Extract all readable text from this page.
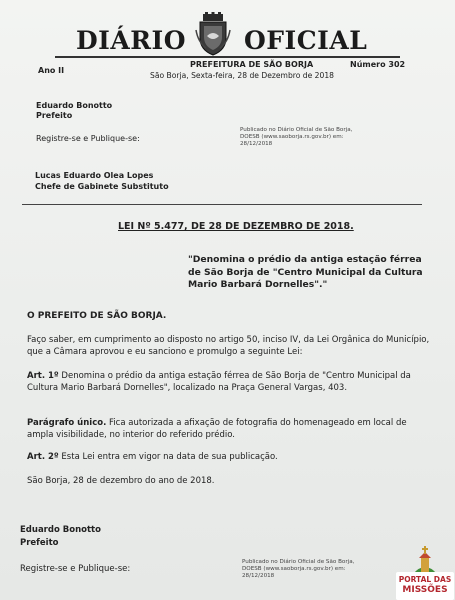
DIÁRIO OFICIAL
Ano II
PREFEITURA DE SÃO BORJA	Número 302
São Borja, Sexta-feira, 28 de Dezembro de 2018
Eduardo Bonotto
Prefeito
Registre-se e Publique-se:
Publicado no Diário Oficial de São Borja,
DOESB (www.saoborja.rs.gov.br) em:
28/12/2018
Lucas Eduardo Olea Lopes
Chefe de Gabinete Substituto
LEI Nº 5.477, DE 28 DE DEZEMBRO DE 2018.
"Denomina o prédio da antiga estação férrea de São Borja de "Centro Municipal da Cultura Mario Barbará Dornelles"."
O PREFEITO DE SÃO BORJA.
Faço saber, em cumprimento ao disposto no artigo 50, inciso IV, da Lei Orgânica do Município, que a Câmara aprovou e eu sanciono e promulgo a seguinte Lei:
Art. 1º Denomina o prédio da antiga estação férrea de São Borja de "Centro Municipal da Cultura Mario Barbará Dornelles", localizado na Praça General Vargas, 403.
Parágrafo único. Fica autorizada a afixação de fotografia do homenageado em local de ampla visibilidade, no interior do referido prédio.
Art. 2º Esta Lei entra em vigor na data de sua publicação.
São Borja, 28 de dezembro do ano de 2018.
Eduardo Bonotto
Prefeito
Registre-se e Publique-se:
Publicado no Diário Oficial de São Borja,
DOESB (www.saoborja.rs.gov.br) em:
28/12/2018	PORTAL DAS
MISSÕES
